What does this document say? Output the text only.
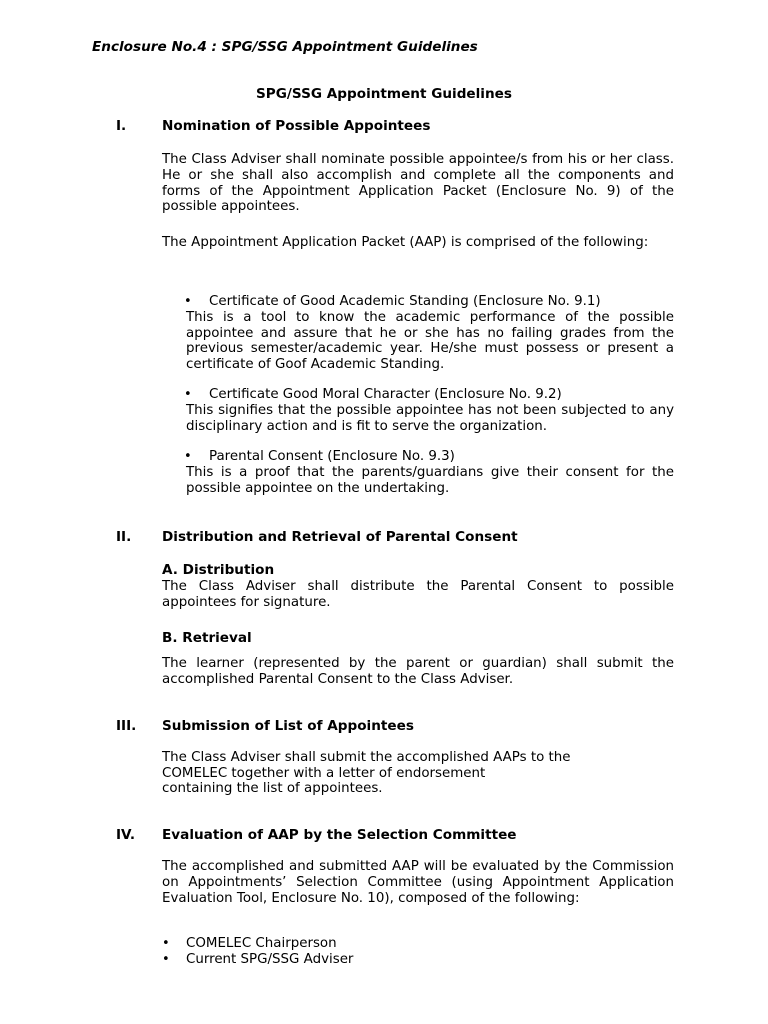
Enclosure No.4 : SPG/SSG Appointment Guidelines
SPG/SSG Appointment Guidelines
I.	Nomination of Possible Appointees
The Class Adviser shall nominate possible appointee/s from his or her class. He or she shall also accomplish and complete all the components and forms of the Appointment Application Packet (Enclosure No. 9) of the possible appointees.
The Appointment Application Packet (AAP) is comprised of the following:
• Certificate of Good Academic Standing (Enclosure No. 9.1)
This is a tool to know the academic performance of the possible appointee and assure that he or she has no failing grades from the previous semester/academic year. He/she must possess or present a certificate of Goof Academic Standing.
• Certificate Good Moral Character (Enclosure No. 9.2)
This signifies that the possible appointee has not been subjected to any disciplinary action and is fit to serve the organization.
• Parental Consent (Enclosure No. 9.3)
This is a proof that the parents/guardians give their consent for the possible appointee on the undertaking.
II. Distribution and Retrieval of Parental Consent
A. Distribution
The Class Adviser shall distribute the Parental Consent to possible appointees for signature.
B. Retrieval
The learner (represented by the parent or guardian) shall submit the accomplished Parental Consent to the Class Adviser.
III. Submission of List of Appointees
The Class Adviser shall submit the accomplished AAPs to the
COMELEC together with a letter of endorsement
containing the list of appointees.
IV. Evaluation of AAP by the Selection Committee
The accomplished and submitted AAP will be evaluated by the Commission on Appointments’ Selection Committee (using Appointment Application Evaluation Tool, Enclosure No. 10), composed of the following:
• COMELEC Chairperson
• Current SPG/SSG Adviser
